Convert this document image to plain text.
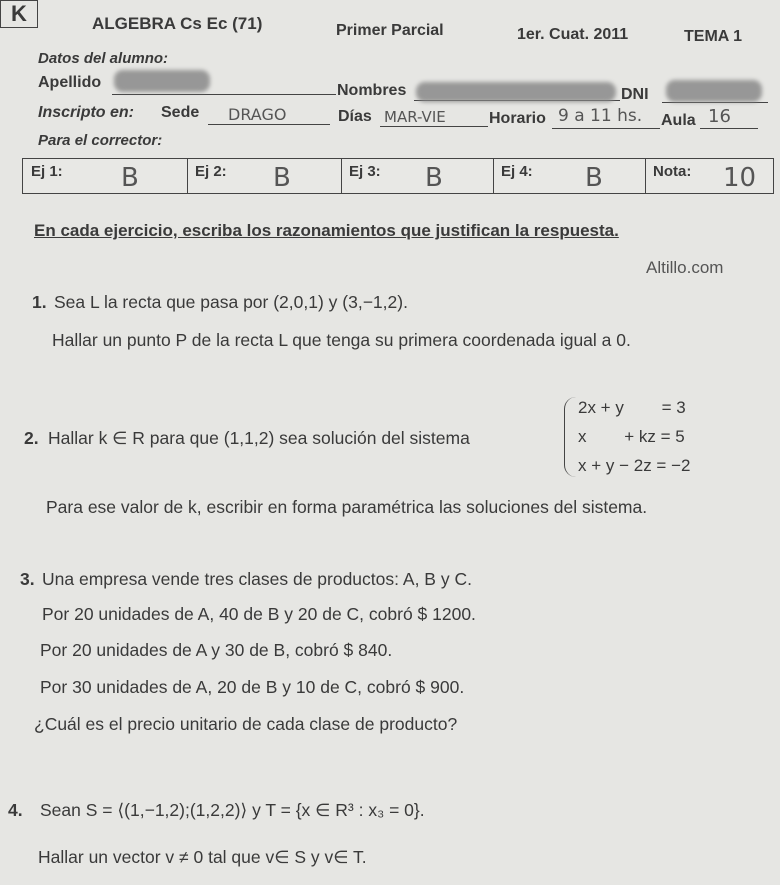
K	ALGEBRA Cs Ec (71)	Primer Parcial	1er. Cuat. 2011	TEMA 1
Datos del alumno:
Apellido	Nombres	DNI
Inscripto en: Sede DRAGO	Días MAR-VIE	Horario 9 a 11 hs. Aula 16
Para el corrector:
Ej 1: B	Ej 2: B	Ej 3: B	Ej 4: B	Nota: 10
En cada ejercicio, escriba los razonamientos que justifican la respuesta.
Altillo.com
1. Sea L la recta que pasa por (2,0,1) y (3,−1,2).
Hallar un punto P de la recta L que tenga su primera coordenada igual a 0.
2. Hallar k ∈ R para que (1,1,2) sea solución del sistema
2x + y        = 3
x        + kz = 5
x + y − 2z = −2
Para ese valor de k, escribir en forma paramétrica las soluciones del sistema.
3. Una empresa vende tres clases de productos: A, B y C.
Por 20 unidades de A, 40 de B y 20 de C, cobró $ 1200.
Por 20 unidades de A y 30 de B, cobró $ 840.
Por 30 unidades de A, 20 de B y 10 de C, cobró $ 900.
¿Cuál es el precio unitario de cada clase de producto?
4. Sean S = ⟨(1,−1,2);(1,2,2)⟩ y T = {x ∈ R³ : x₃ = 0}.
Hallar un vector v ≠ 0 tal que v∈ S y v∈ T.
